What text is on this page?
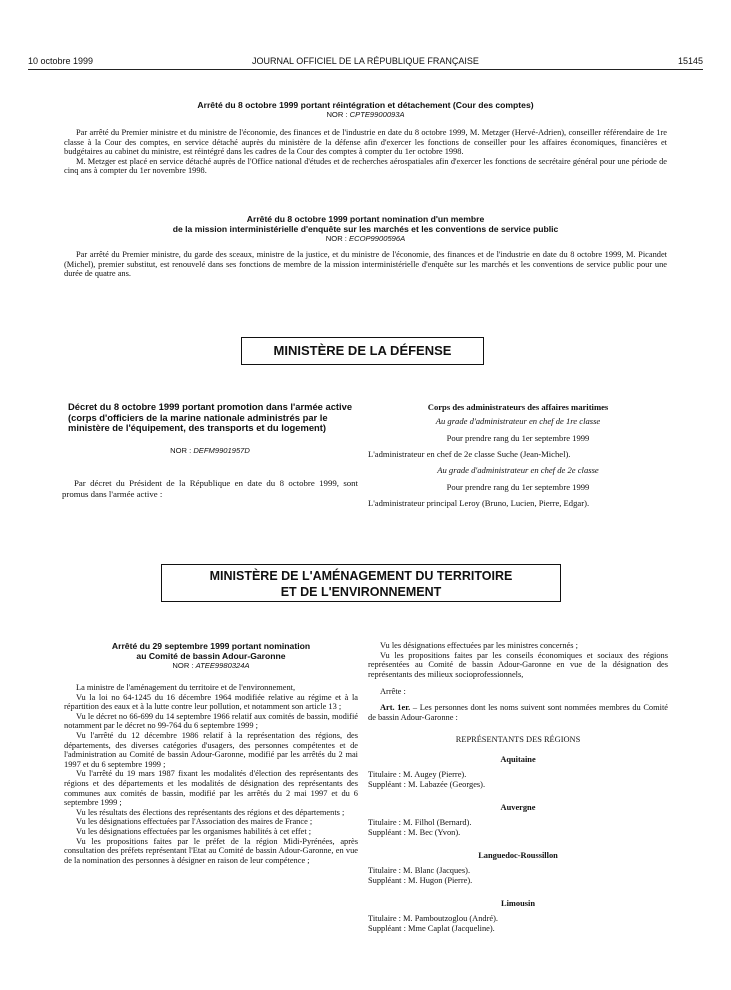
10 octobre 1999	JOURNAL OFFICIEL DE LA RÉPUBLIQUE FRANÇAISE	15145
Arrêté du 8 octobre 1999 portant réintégration et détachement (Cour des comptes)
NOR : CPTE9900093A

Par arrêté du Premier ministre et du ministre de l'économie, des finances et de l'industrie en date du 8 octobre 1999, M. Metzger (Hervé-Adrien), conseiller référendaire de 1re classe à la Cour des comptes, en service détaché auprès du ministère de la défense afin d'exercer les fonctions de conseiller pour les affaires économiques, financières et budgétaires au cabinet du ministre, est réintégré dans les cadres de la Cour des comptes à compter du 1er octobre 1998.

M. Metzger est placé en service détaché auprès de l'Office national d'études et de recherches aérospatiales afin d'exercer les fonctions de secrétaire général pour une période de cinq ans à compter du 1er novembre 1998.

Arrêté du 8 octobre 1999 portant nomination d'un membre
de la mission interministérielle d'enquête sur les marchés et les conventions de service public
NOR : ECOP9900596A

Par arrêté du Premier ministre, du garde des sceaux, ministre de la justice, et du ministre de l'économie, des finances et de l'industrie en date du 8 octobre 1999, M. Picandet (Michel), premier substitut, est renouvelé dans ses fonctions de membre de la mission interministérielle d'enquête sur les marchés et les conventions de service public pour une durée de quatre ans.

MINISTÈRE DE LA DÉFENSE
Décret du 8 octobre 1999 portant promotion dans l'armée active (corps d'officiers de la marine nationale administrés par le ministère de l'équipement, des transports et du logement)
NOR : DEFM9901957D

Par décret du Président de la République en date du 8 octobre 1999, sont promus dans l'armée active :

Corps des administrateurs des affaires maritimes
Au grade d'administrateur en chef de 1re classe
Pour prendre rang du 1er septembre 1999
L'administrateur en chef de 2e classe Suche (Jean-Michel).
Au grade d'administrateur en chef de 2e classe
Pour prendre rang du 1er septembre 1999
L'administrateur principal Leroy (Bruno, Lucien, Pierre, Edgar).
MINISTÈRE DE L'AMÉNAGEMENT DU TERRITOIRE
ET DE L'ENVIRONNEMENT
Arrêté du 29 septembre 1999 portant nomination
au Comité de bassin Adour-Garonne
NOR : ATEE9980324A

La ministre de l'aménagement du territoire et de l'environnement,

Vu la loi no 64-1245 du 16 décembre 1964 modifiée relative au régime et à la répartition des eaux et à la lutte contre leur pollution, et notamment son article 13 ;

Vu le décret no 66-699 du 14 septembre 1966 relatif aux comités de bassin, modifié notamment par le décret no 99-764 du 6 septembre 1999 ;

Vu l'arrêté du 12 décembre 1986 relatif à la représentation des régions, des départements, des diverses catégories d'usagers, des personnes compétentes et de l'administration au Comité de bassin Adour-Garonne, modifié par les arrêtés du 2 mai 1997 et du 6 septembre 1999 ;

Vu l'arrêté du 19 mars 1987 fixant les modalités d'élection des représentants des régions et des départements et les modalités de désignation des représentants des communes aux comités de bassin, modifié par les arrêtés du 2 mai 1997 et du 6 septembre 1999 ;

Vu les résultats des élections des représentants des régions et des départements ;

Vu les désignations effectuées par l'Association des maires de France ;

Vu les désignations effectuées par les organismes habilités à cet effet ;

Vu les propositions faites par le préfet de la région Midi-Pyrénées, après consultation des préfets représentant l'Etat au Comité de bassin Adour-Garonne, en vue de la nomination des personnes à désigner en raison de leur compétence ;

Vu les désignations effectuées par les ministres concernés ;

Vu les propositions faites par les conseils économiques et sociaux des régions représentées au Comité de bassin Adour-Garonne en vue de la désignation des représentants des milieux socioprofessionnels,

Arrête :

Art. 1er. – Les personnes dont les noms suivent sont nommées membres du Comité de bassin Adour-Garonne :

REPRÉSENTANTS DES RÉGIONS
Aquitaine
Titulaire : M. Augey (Pierre).
Suppléant : M. Labazée (Georges).
Auvergne
Titulaire : M. Filhol (Bernard).
Suppléant : M. Bec (Yvon).
Languedoc-Roussillon
Titulaire : M. Blanc (Jacques).
Suppléant : M. Hugon (Pierre).
Limousin
Titulaire : M. Pamboutzoglou (André).
Suppléant : Mme Caplat (Jacqueline).
